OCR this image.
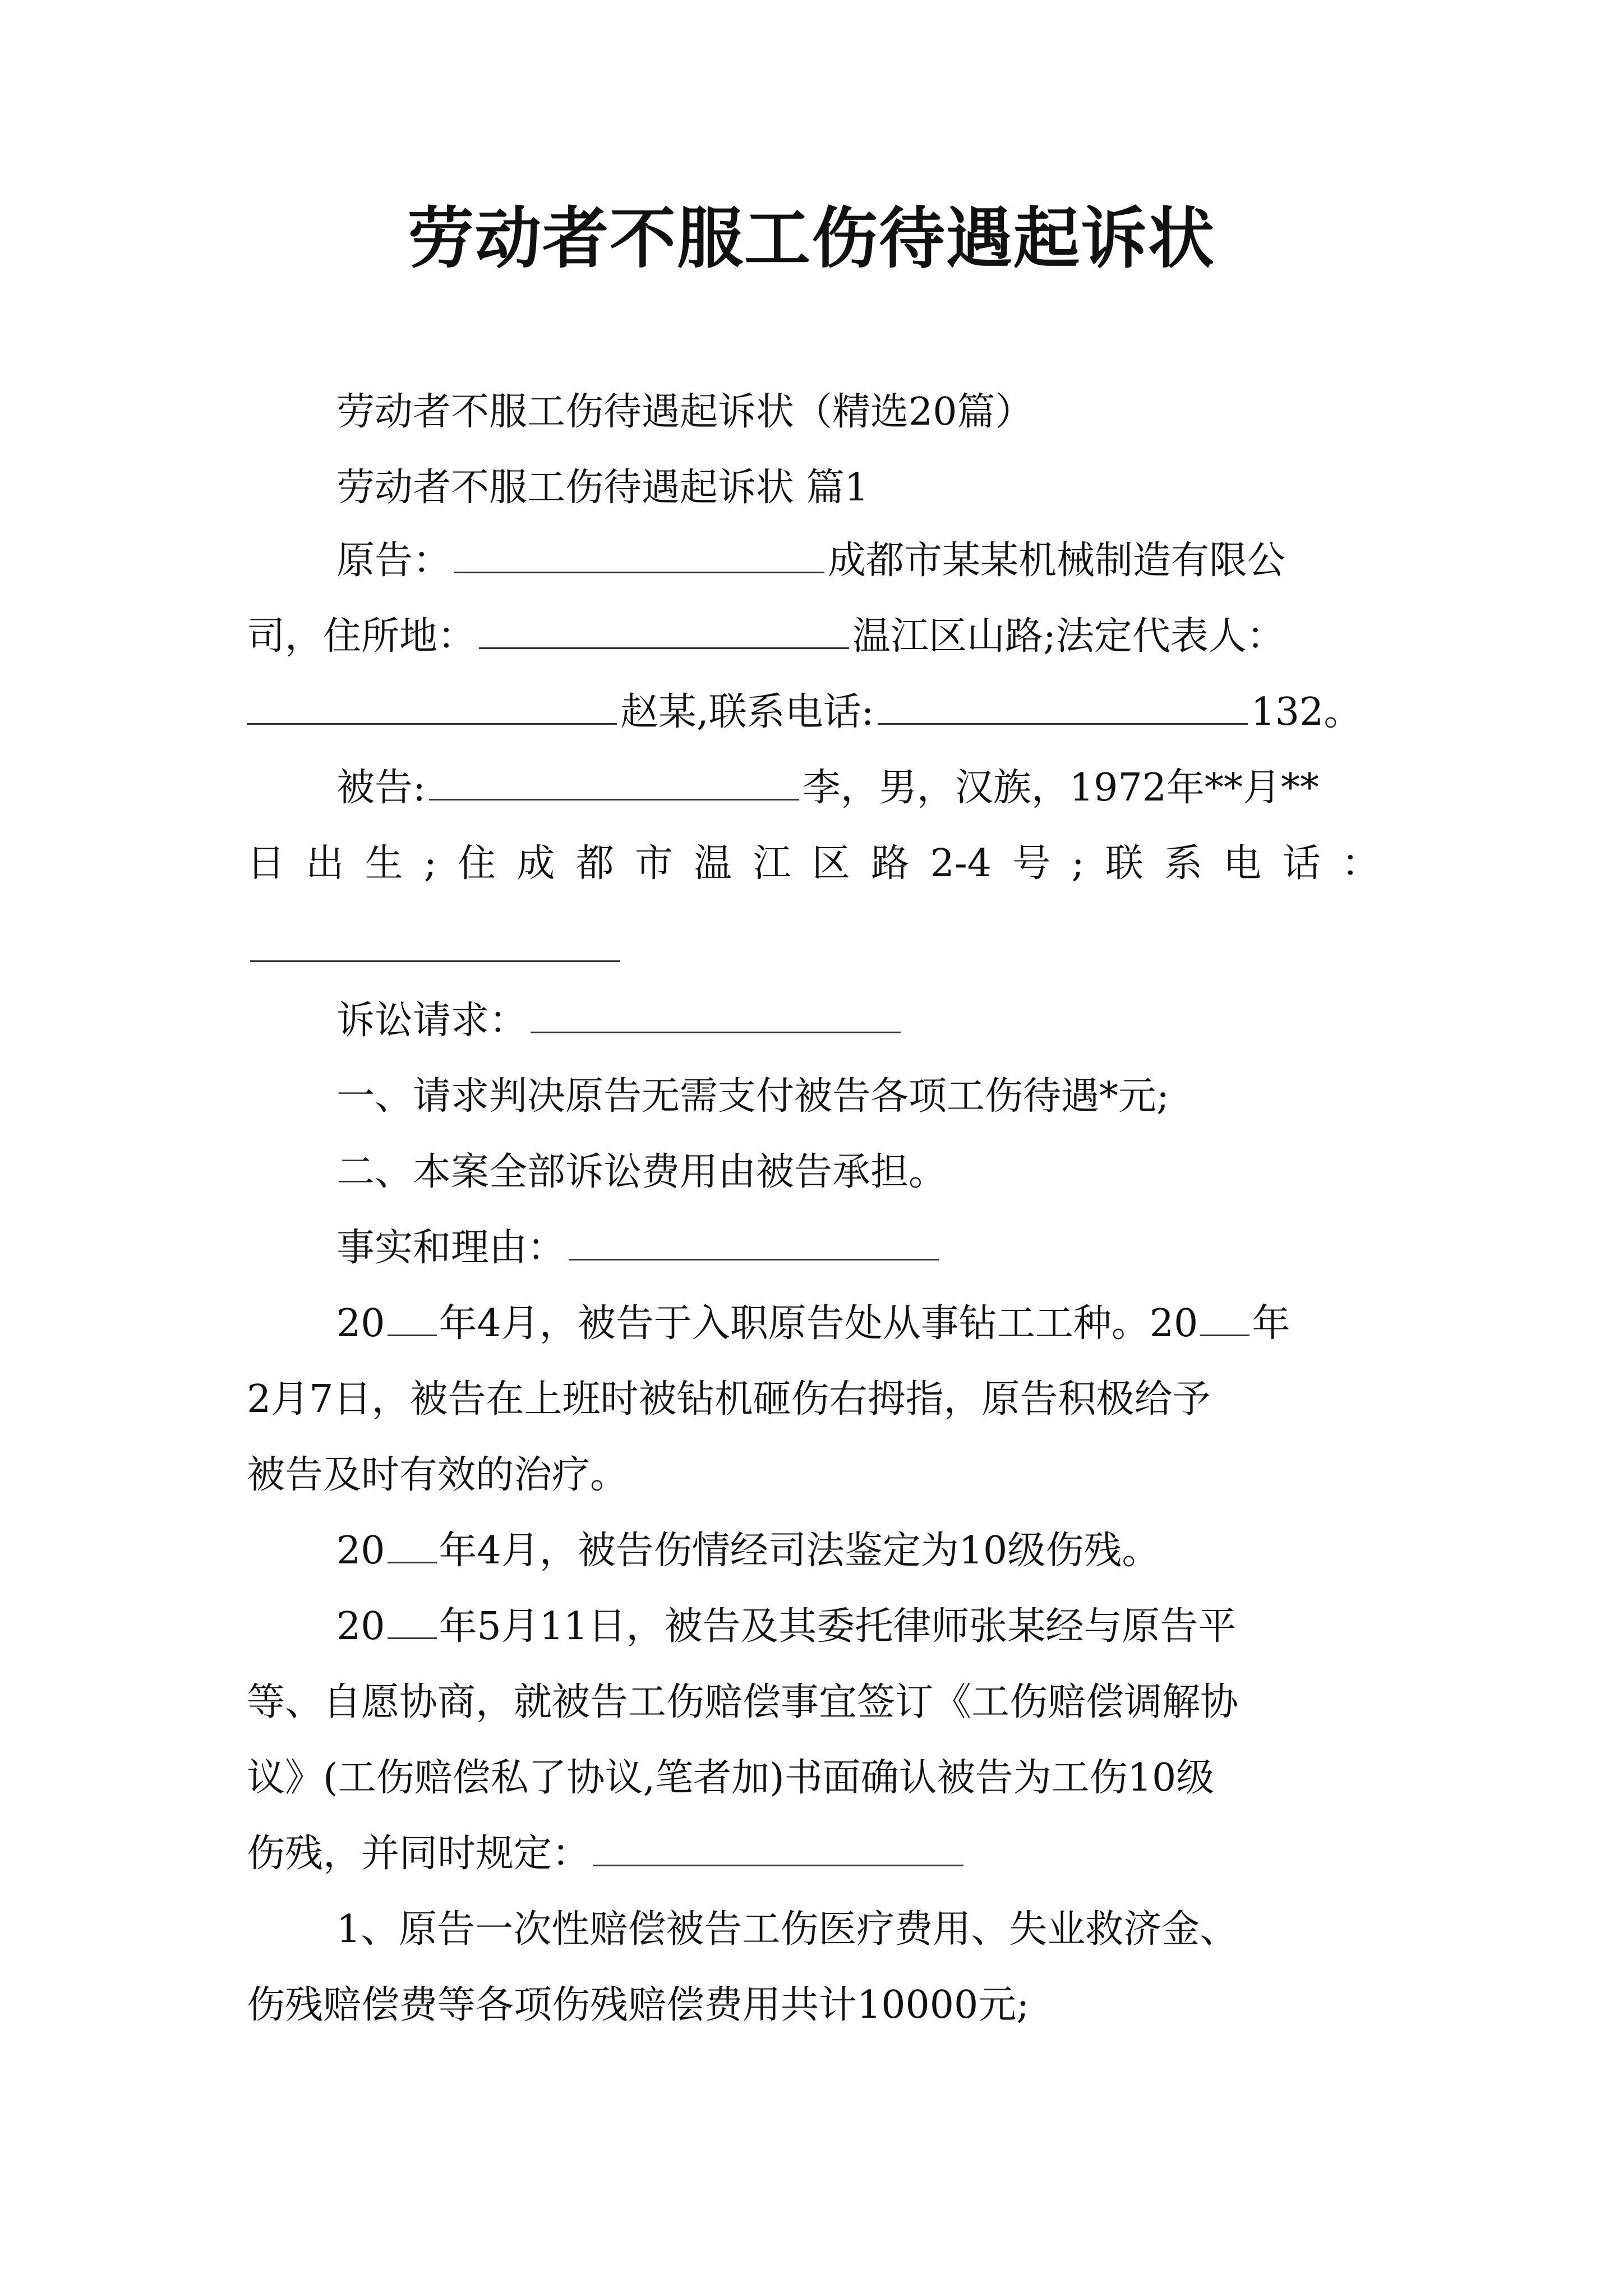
劳动者不服工伤待遇起诉状
劳动者不服工伤待遇起诉状（精选20篇）
劳动者不服工伤待遇起诉状 篇1
原告：	成都市某某机械制造有限公
司，住所地：	温江区山路;法定代表人：
赵某,联系电话:	132。
被告:	李，男，汉族，1972年**月**
日出生;住成都市温江区路2-4号;联系电话：
诉讼请求：
一、请求判决原告无需支付被告各项工伤待遇*元;
二、本案全部诉讼费用由被告承担。
事实和理由：
20 年4月，被告于入职原告处从事钻工工种。20 年
2月7日，被告在上班时被钻机砸伤右拇指，原告积极给予
被告及时有效的治疗。
20 年4月，被告伤情经司法鉴定为10级伤残。
20 年5月11日，被告及其委托律师张某经与原告平
等、自愿协商，就被告工伤赔偿事宜签订《工伤赔偿调解协
议》(工伤赔偿私了协议,笔者加)书面确认被告为工伤10级
伤残，并同时规定：
1、原告一次性赔偿被告工伤医疗费用、失业救济金、
伤残赔偿费等各项伤残赔偿费用共计10000元;
